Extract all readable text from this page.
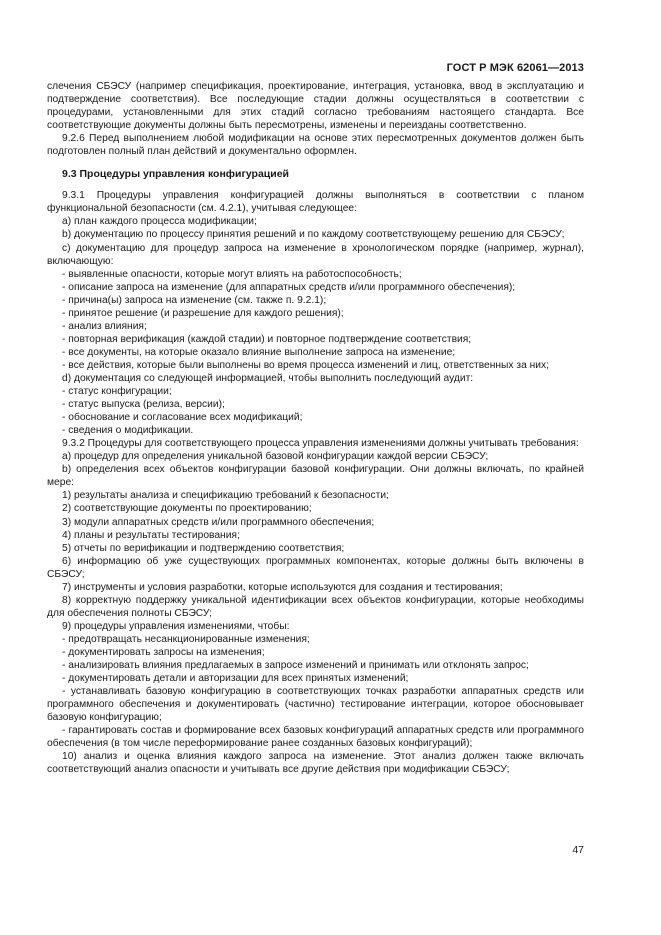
ГОСТ Р МЭК 62061—2013

слечения СБЭСУ (например спецификация, проектирование, интеграция, установка, ввод в эксплуатацию и подтверждение соответствия). Все последующие стадии должны осуществляться в соответствии с процедурами, установленными для этих стадий согласно требованиям настоящего стандарта. Все соответствующие документы должны быть пересмотрены, изменены и переизданы соответственно.

9.2.6 Перед выполнением любой модификации на основе этих пересмотренных документов должен быть подготовлен полный план действий и документально оформлен.

9.3 Процедуры управления конфигурацией

9.3.1 Процедуры управления конфигурацией должны выполняться в соответствии с планом функциональной безопасности (см. 4.2.1), учитывая следующее:

a) план каждого процесса модификации;

b) документацию по процессу принятия решений и по каждому соответствующему решению для СБЭСУ;

c) документацию для процедур запроса на изменение в хронологическом порядке (например, журнал), включающую:

- выявленные опасности, которые могут влиять на работоспособность;

- описание запроса на изменение (для аппаратных средств и/или программного обеспечения);

- причина(ы) запроса на изменение (см. также п. 9.2.1);

- принятое решение (и разрешение для каждого решения);

- анализ влияния;

- повторная верификация (каждой стадии) и повторное подтверждение соответствия;

- все документы, на которые оказало влияние выполнение запроса на изменение;

- все действия, которые были выполнены во время процесса изменений и лиц, ответственных за них;

d) документация со следующей информацией, чтобы выполнить последующий аудит:

- статус конфигурации;

- статус выпуска (релиза, версии);

- обоснование и согласование всех модификаций;

- сведения о модификации.

9.3.2 Процедуры для соответствующего процесса управления изменениями должны учитывать требования:

a) процедур для определения уникальной базовой конфигурации каждой версии СБЭСУ;

b) определения всех объектов конфигурации базовой конфигурации. Они должны включать, по крайней мере:

1) результаты анализа и спецификацию требований к безопасности;

2) соответствующие документы по проектированию;

3) модули аппаратных средств и/или программного обеспечения;

4) планы и результаты тестирования;

5) отчеты по верификации и подтверждению соответствия;

6) информацию об уже существующих программных компонентах, которые должны быть включены в СБЭСУ;

7) инструменты и условия разработки, которые используются для создания и тестирования;

8) корректную поддержку уникальной идентификации всех объектов конфигурации, которые необходимы для обеспечения полноты СБЭСУ;

9) процедуры управления изменениями, чтобы:

- предотвращать несанкционированные изменения;

- документировать запросы на изменения;

- анализировать влияния предлагаемых в запросе изменений и принимать или отклонять запрос;

- документировать детали и авторизации для всех принятых изменений;

- устанавливать базовую конфигурацию в соответствующих точках разработки аппаратных средств или программного обеспечения и документировать (частично) тестирование интеграции, которое обосновывает базовую конфигурацию;

- гарантировать состав и формирование всех базовых конфигураций аппаратных средств или программного обеспечения (в том числе переформирование ранее созданных базовых конфигураций);

10) анализ и оценка влияния каждого запроса на изменение. Этот анализ должен также включать соответствующий анализ опасности и учитывать все другие действия при модификации СБЭСУ;

47
